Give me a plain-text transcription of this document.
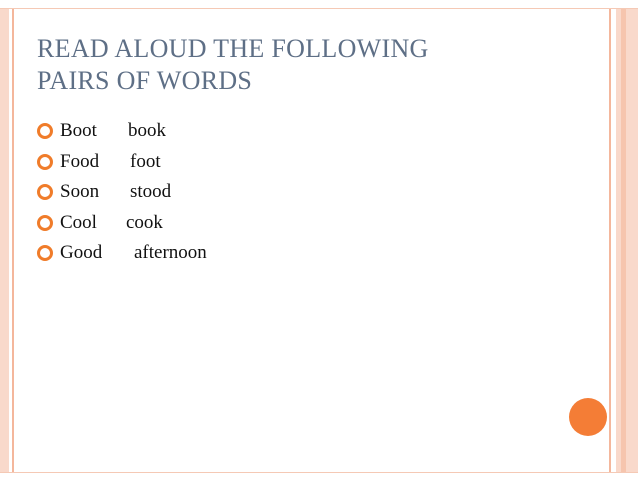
READ ALOUD THE FOLLOWING
PAIRS OF WORDS
Boot	book
Food	foot
Soon	stood
Cool	cook
Good	afternoon
